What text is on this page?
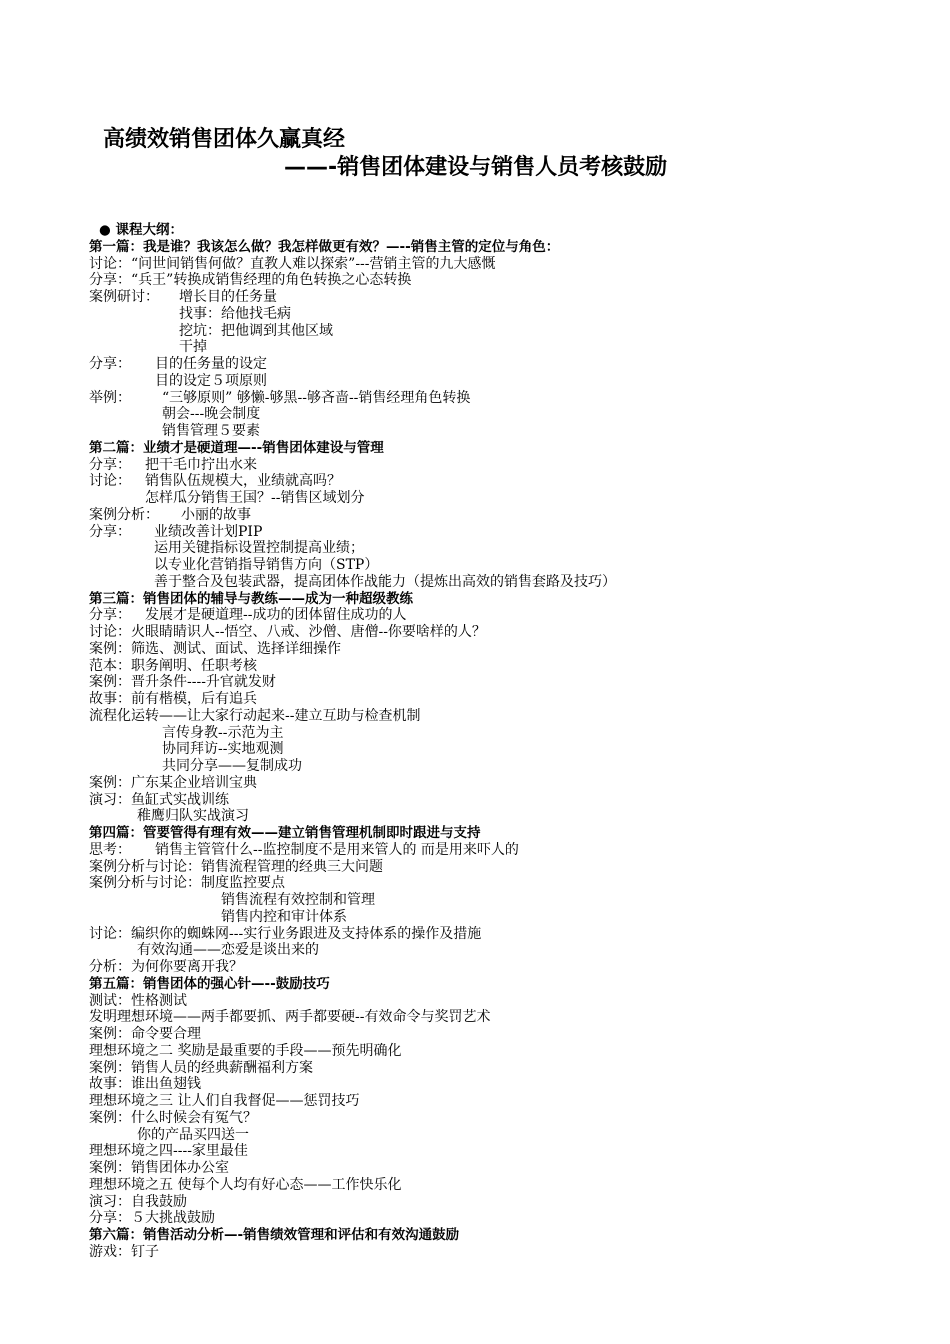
高绩效销售团体久赢真经
——-销售团体建设与销售人员考核鼓励
● 课程大纲：
第一篇：我是谁？我该怎么做？我怎样做更有效？—--销售主管的定位与角色：
讨论：“问世间销售何做？直教人难以探索”---营销主管的九大感慨
分享：“兵王”转换成销售经理的角色转换之心态转换
案例研讨： 增长目的任务量
找事：给他找毛病
挖坑：把他调到其他区域
干掉
分享： 目的任务量的设定
目的设定５项原则
举例： “三够原则” 够懒-够黑--够吝啬--销售经理角色转换
朝会---晚会制度
销售管理５要素
第二篇：业绩才是硬道理—--销售团体建设与管理
分享： 把干毛巾拧出水来
讨论： 销售队伍规模大，业绩就高吗？
怎样瓜分销售王国？--销售区域划分
案例分析： 小丽的故事
分享： 业绩改善计划PIP
运用关键指标设置控制提高业绩；
以专业化营销指导销售方向（STP）
善于整合及包装武器，提高团体作战能力（提炼出高效的销售套路及技巧）
第三篇：销售团体的辅导与教练——成为一种超级教练
分享： 发展才是硬道理--成功的团体留住成功的人
讨论：火眼睛睛识人--悟空、八戒、沙僧、唐僧--你要啥样的人？
案例：筛选、测试、面试、选择详细操作
范本：职务阐明、任职考核
案例：晋升条件----升官就发财
故事：前有楷模，后有追兵
流程化运转——让大家行动起来--建立互助与检查机制
言传身教--示范为主
协同拜访--实地观测
共同分享——复制成功
案例：广东某企业培训宝典
演习：鱼缸式实战训练
稚鹰归队实战演习
第四篇：管要管得有理有效——建立销售管理机制即时跟进与支持
思考： 销售主管管什么--监控制度不是用来管人的 而是用来吓人的
案例分析与讨论：销售流程管理的经典三大问题
案例分析与讨论：制度监控要点
销售流程有效控制和管理
销售内控和审计体系
讨论：编织你的蜘蛛网---实行业务跟进及支持体系的操作及措施
有效沟通——恋爱是谈出来的
分析：为何你要离开我？
第五篇：销售团体的强心针—--鼓励技巧
测试：性格测试
发明理想环境——两手都要抓、两手都要硬--有效命令与奖罚艺术
案例：命令要合理
理想环境之二 奖励是最重要的手段——预先明确化
案例：销售人员的经典薪酬福利方案
故事：谁出鱼翅钱
理想环境之三 让人们自我督促——惩罚技巧
案例：什么时候会有冤气？
你的产品买四送一
理想环境之四----家里最佳
案例：销售团体办公室
理想环境之五 使每个人均有好心态——工作快乐化
演习：自我鼓励
分享：５大挑战鼓励
第六篇：销售活动分析—-销售绩效管理和评估和有效沟通鼓励
游戏：钉子
